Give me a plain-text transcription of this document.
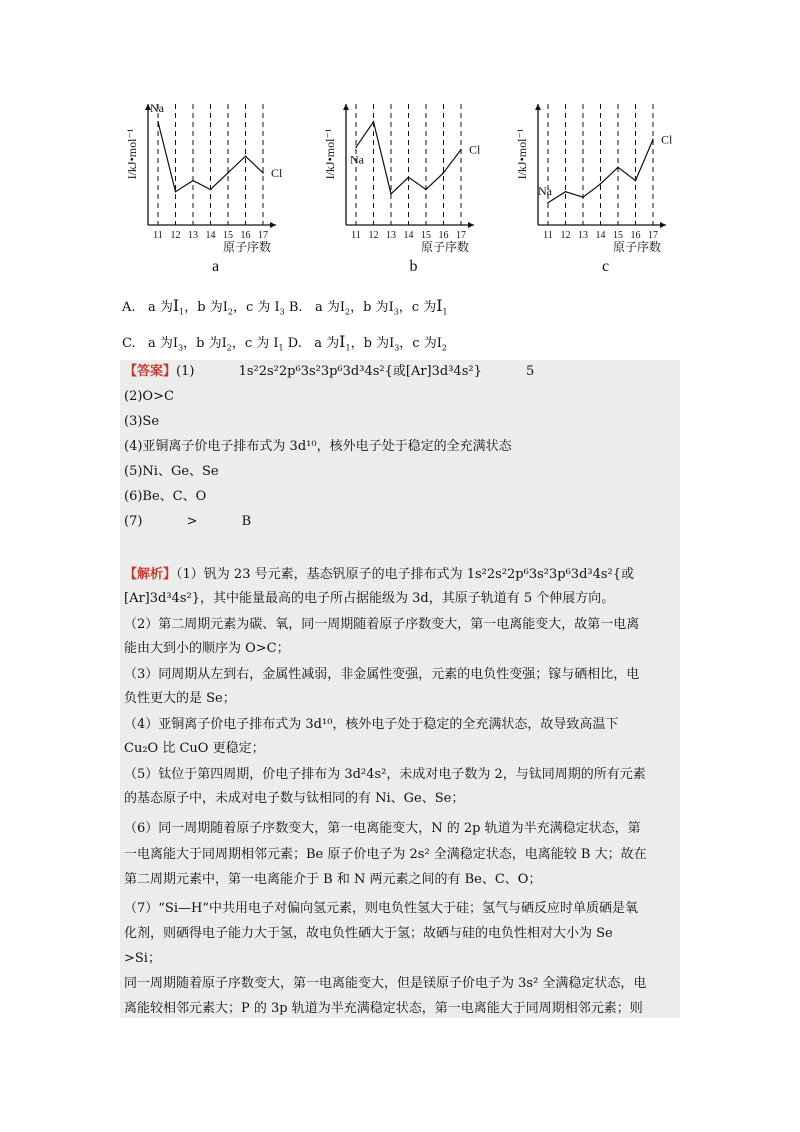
I/kJ•mol⁻¹
11 12 13 14 15 16 17
Na
Cl
原子序数
a
I/kJ•mol⁻¹
11 12 13 14 15 16 17
Na
Cl
原子序数
b
I/kJ•mol⁻¹
11 12 13 14 15 16 17
Na
Cl
原子序数
c
A. a 为$I_1$，b 为$I_2$，c 为 $I_3$ B. a 为$I_2$，b 为$I_3$，c 为$I_1$
C. a 为$I_3$，b 为$I_2$，c 为 $I_1$ D. a 为$I_1$，b 为$I_3$，c 为$I_2$
【答案】(1)	1s²2s²2p⁶3s²3p⁶3d³4s²{或[Ar]3d³4s²}	5
(2)O>C
(3)Se
(4)亚铜离子价电子排布式为 3d¹⁰，核外电子处于稳定的全充满状态
(5)Ni、Ge、Se
(6)Be、C、O
(7)	>	B
【解析】（1）钒为 23 号元素，基态钒原子的电子排布式为 1s²2s²2p⁶3s²3p⁶3d³4s²{或
[Ar]3d³4s²}，其中能量最高的电子所占据能级为 3d，其原子轨道有 5 个伸展方向。
（2）第二周期元素为碳、氧，同一周期随着原子序数变大，第一电离能变大，故第一电离
能由大到小的顺序为 O>C；
（3）同周期从左到右，金属性减弱，非金属性变强，元素的电负性变强；镓与硒相比，电
负性更大的是 Se；
（4）亚铜离子价电子排布式为 3d¹⁰，核外电子处于稳定的全充满状态，故导致高温下
Cu₂O 比 CuO 更稳定；
（5）钛位于第四周期，价电子排布为 3d²4s²，未成对电子数为 2，与钛同周期的所有元素
的基态原子中，未成对电子数与钛相同的有 Ni、Ge、Se；
（6）同一周期随着原子序数变大，第一电离能变大，N 的 2p 轨道为半充满稳定状态，第
一电离能大于同周期相邻元素；Be 原子价电子为 2s² 全满稳定状态，电离能较 B 大；故在
第二周期元素中，第一电离能介于 B 和 N 两元素之间的有 Be、C、O；
（7）“Si—H”中共用电子对偏向氢元素，则电负性氢大于硅；氢气与硒反应时单质硒是氧
化剂，则硒得电子能力大于氢，故电负性硒大于氢；故硒与硅的电负性相对大小为 Se
>Si；
同一周期随着原子序数变大，第一电离能变大，但是镁原子价电子为 3s² 全满稳定状态，电
离能较相邻元素大；P 的 3p 轨道为半充满稳定状态，第一电离能大于同周期相邻元素；则
